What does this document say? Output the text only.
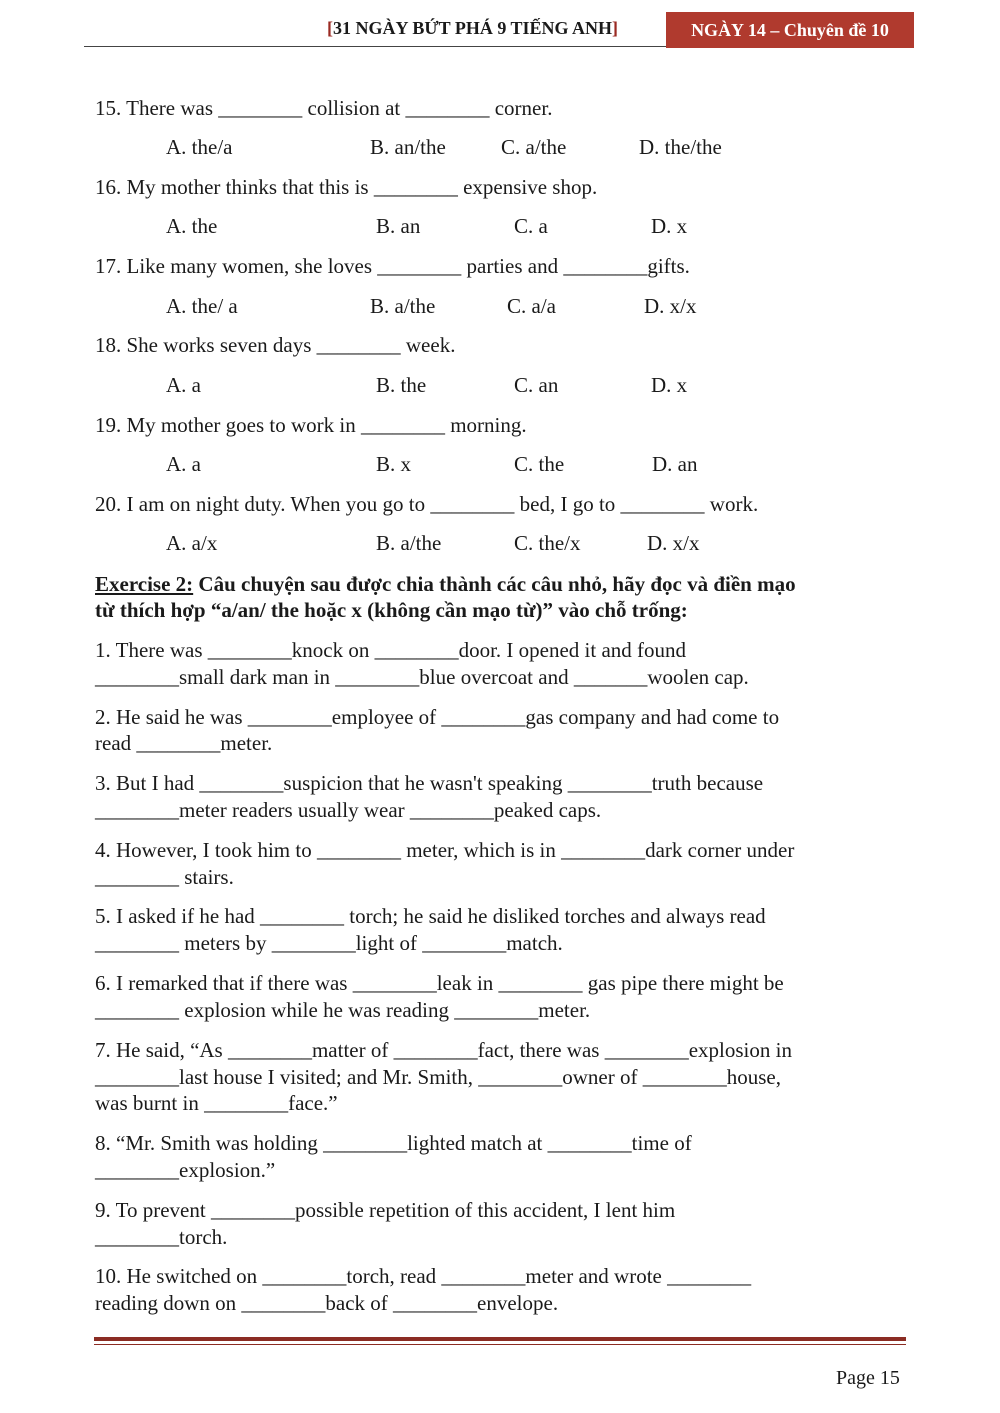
[31 NGÀY BỨT PHÁ 9 TIẾNG ANH]	NGÀY 14 – Chuyên đề 10
15. There was ________ collision at ________ corner.
A. the/a	B. an/the	C. a/the	D. the/the
16. My mother thinks that this is ________ expensive shop.
A. the	B. an	C. a	D. x
17. Like many women, she loves ________ parties and ________gifts.
A. the/ a	B. a/the	C. a/a	D. x/x
18. She works seven days ________ week.
A. a	B. the	C. an	D. x
19. My mother goes to work in ________ morning.
A. a	B. x	C. the	D. an
20. I am on night duty. When you go to ________ bed, I go to ________ work.
A. a/x	B. a/the	C. the/x	D. x/x
Exercise 2: Câu chuyện sau được chia thành các câu nhỏ, hãy đọc và điền mạo
từ thích hợp “a/an/ the hoặc x (không cần mạo từ)” vào chỗ trống:
1. There was ________knock on ________door. I opened it and found
________small dark man in ________blue overcoat and _______woolen cap.
2. He said he was ________employee of ________gas company and had come to
read ________meter.
3. But I had ________suspicion that he wasn't speaking ________truth because
________meter readers usually wear ________peaked caps.
4. However, I took him to ________ meter, which is in ________dark corner under
________ stairs.
5. I asked if he had ________ torch; he said he disliked torches and always read
________ meters by ________light of ________match.
6. I remarked that if there was ________leak in ________ gas pipe there might be
________ explosion while he was reading ________meter.
7. He said, “As ________matter of ________fact, there was ________explosion in
________last house I visited; and Mr. Smith, ________owner of ________house,
was burnt in ________face.”
8. “Mr. Smith was holding ________lighted match at ________time of
________explosion.”
9. To prevent ________possible repetition of this accident, I lent him
________torch.
10. He switched on ________torch, read ________meter and wrote ________
reading down on ________back of ________envelope.
Page 15
